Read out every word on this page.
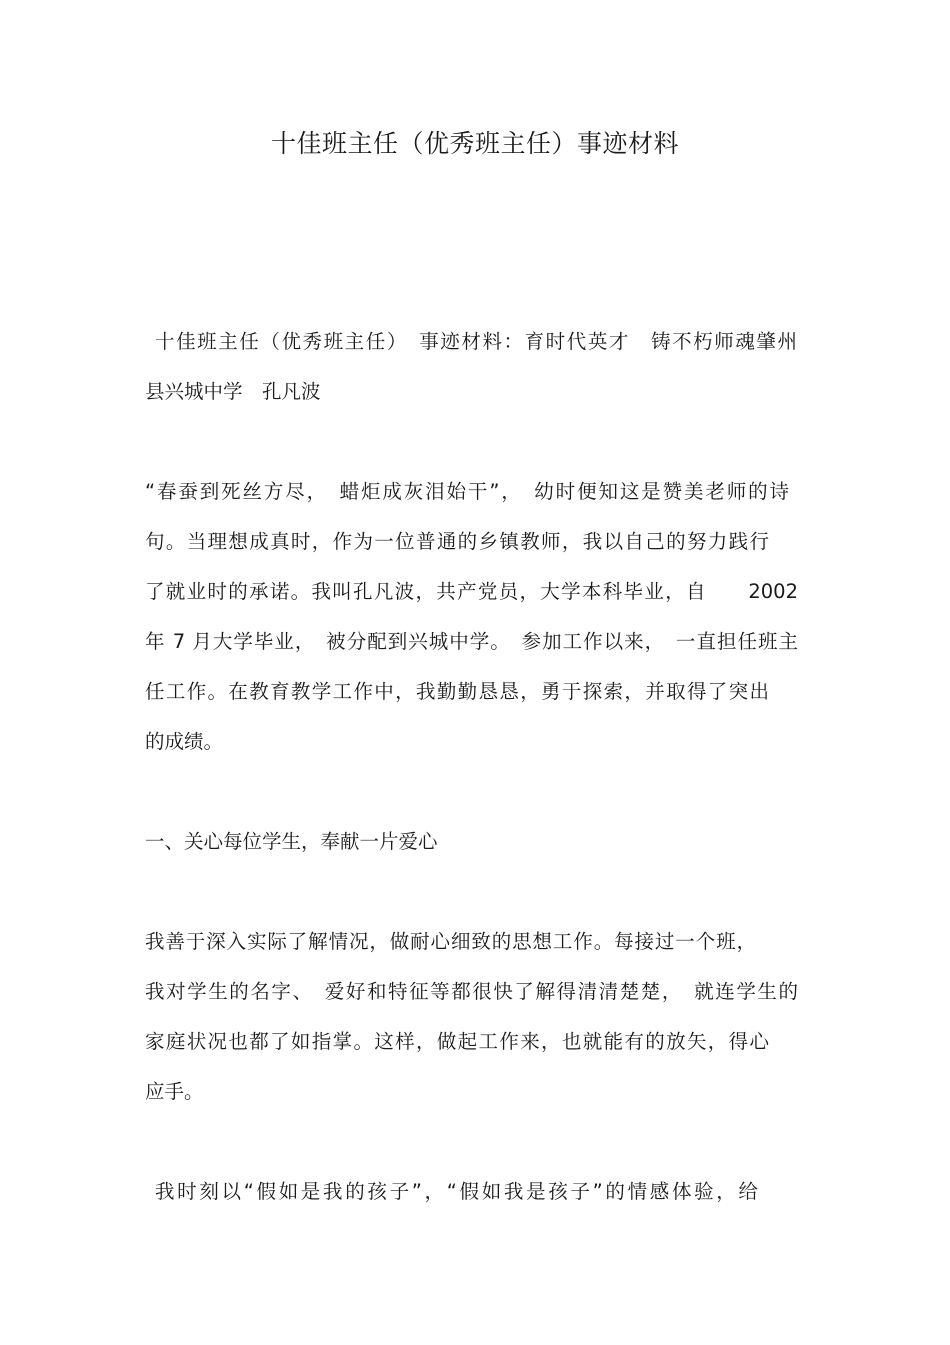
十佳班主任（优秀班主任）事迹材料
十佳班主任（优秀班主任）　事迹材料：育时代英才　铸不朽师魂肇州
县兴城中学　孔凡波
“春蚕到死丝方尽，　蜡炬成灰泪始干”，　幼时便知这是赞美老师的诗
句。当理想成真时，作为一位普通的乡镇教师，我以自己的努力践行
了就业时的承诺。我叫孔凡波，共产党员，大学本科毕业，自　　2002
年 7 月大学毕业，　被分配到兴城中学。　参加工作以来，　一直担任班主
任工作。在教育教学工作中，我勤勤恳恳，勇于探索，并取得了突出
的成绩。
一、关心每位学生，奉献一片爱心
我善于深入实际了解情况，做耐心细致的思想工作。每接过一个班，
我对学生的名字、　爱好和特征等都很快了解得清清楚楚，　就连学生的
家庭状况也都了如指掌。这样，做起工作来，也就能有的放矢，得心
应手。
我时刻以“假如是我的孩子”，“假如我是孩子”的情感体验，给
